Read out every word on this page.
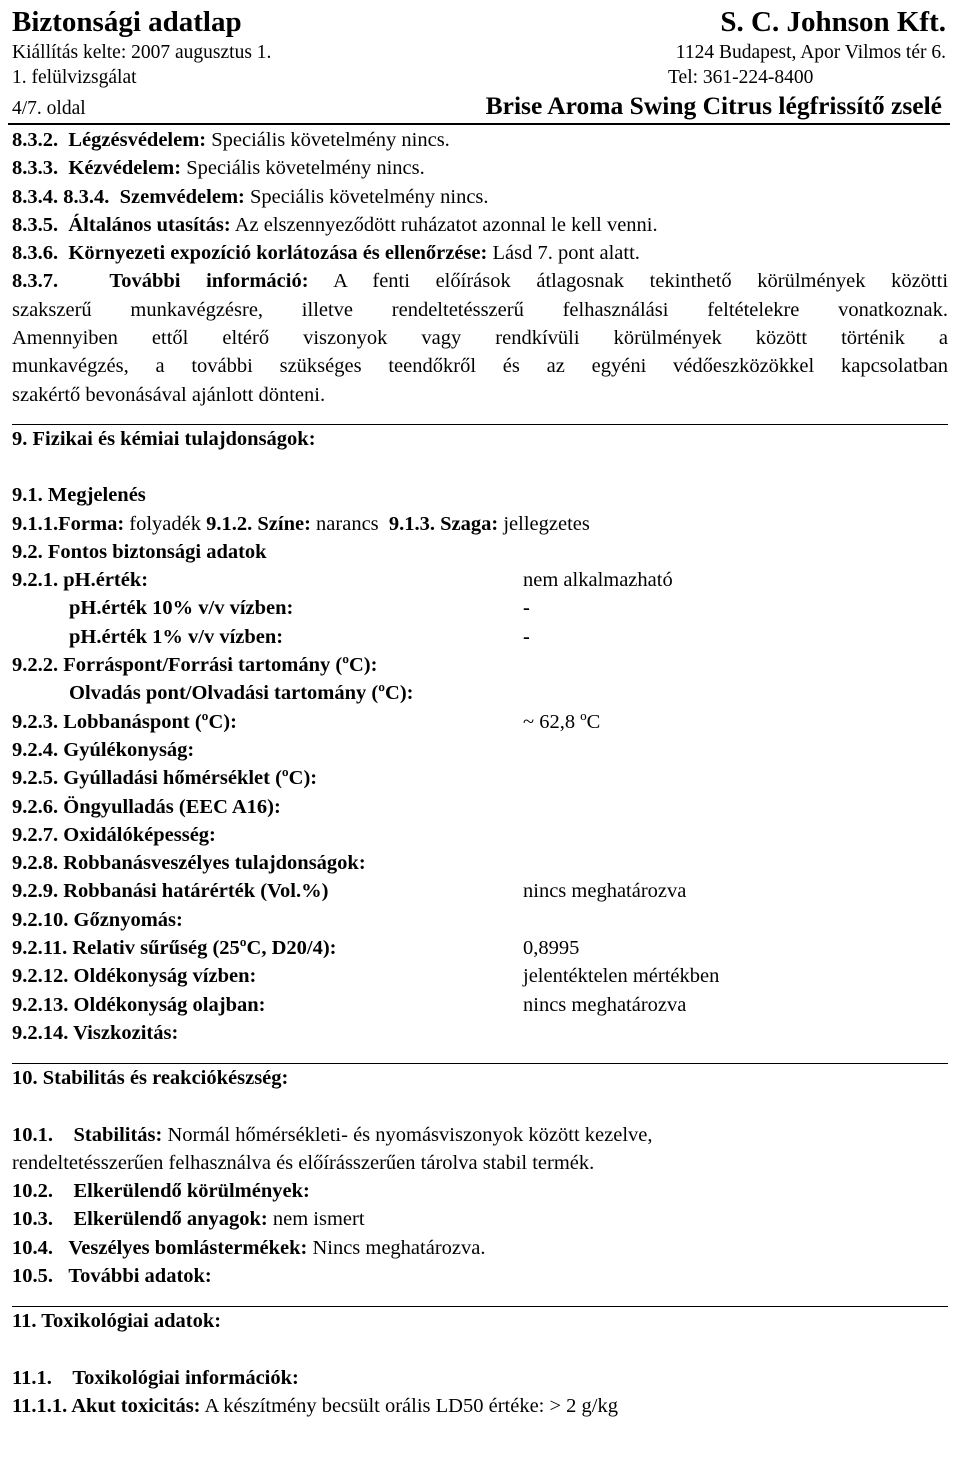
Biztonsági adatlap	S. C. Johnson Kft.
Kiállítás kelte: 2007 augusztus 1.	1124 Budapest, Apor Vilmos tér 6.
1. felülvizsgálat	Tel: 361-224-8400
4/7. oldal	Brise Aroma Swing Citrus légfrissítő zselé
8.3.2. Légzésvédelem: Speciális követelmény nincs.
8.3.3. Kézvédelem: Speciális követelmény nincs.
8.3.4. 8.3.4. Szemvédelem: Speciális követelmény nincs.
8.3.5. Általános utasítás: Az elszennyeződött ruházatot azonnal le kell venni.
8.3.6. Környezeti expozíció korlátozása és ellenőrzése: Lásd 7. pont alatt.
8.3.7.	További információ: A fenti előírások átlagosnak tekinthető körülmények közötti
szakszerű munkavégzésre, illetve rendeltetésszerű felhasználási feltételekre vonatkoznak.
Amennyiben ettől eltérő viszonyok vagy rendkívüli körülmények között történik a
munkavégzés, a további szükséges teendőkről és az egyéni védőeszközökkel kapcsolatban
szakértő bevonásával ajánlott dönteni.
9. Fizikai és kémiai tulajdonságok:
9.1. Megjelenés
9.1.1.Forma: folyadék 9.1.2. Színe: narancs 9.1.3. Szaga: jellegzetes
9.2. Fontos biztonsági adatok
9.2.1. pH.érték:	nem alkalmazható
pH.érték 10% v/v vízben:	-
pH.érték 1% v/v vízben:	-
9.2.2. Forráspont/Forrási tartomány (ºC):
Olvadás pont/Olvadási tartomány (ºC):
9.2.3. Lobbanáspont (ºC):	~ 62,8 ºC
9.2.4. Gyúlékonyság:
9.2.5. Gyúlladási hőmérséklet (ºC):
9.2.6. Öngyulladás (EEC A16):
9.2.7. Oxidálóképesség:
9.2.8. Robbanásveszélyes tulajdonságok:
9.2.9. Robbanási határérték (Vol.%)	nincs meghatározva
9.2.10. Gőznyomás:
9.2.11. Relativ sűrűség (25ºC, D20/4):	0,8995
9.2.12. Oldékonyság vízben:	jelentéktelen mértékben
9.2.13. Oldékonyság olajban:	nincs meghatározva
9.2.14. Viszkozitás:
10. Stabilitás és reakciókészség:
10.1. Stabilitás: Normál hőmérsékleti- és nyomásviszonyok között kezelve,
rendeltetésszerűen felhasználva és előírásszerűen tárolva stabil termék.
10.2. Elkerülendő körülmények:
10.3. Elkerülendő anyagok: nem ismert
10.4. Veszélyes bomlástermékek: Nincs meghatározva.
10.5. További adatok:
11. Toxikológiai adatok:
11.1. Toxikológiai információk:
11.1.1. Akut toxicitás: A készítmény becsült orális LD50 értéke: > 2 g/kg
